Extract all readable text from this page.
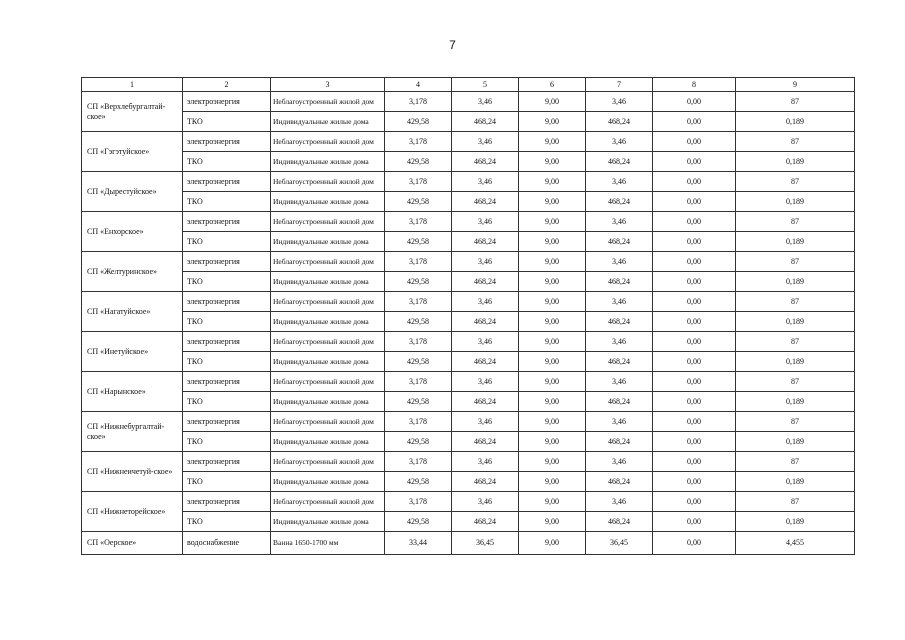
7
1	2	3	4	5	6	7	8	9
СП «Верхлебургалтай-ское»	электроэнергия	Неблагоустроенный жилой дом	3,178	3,46	9,00	3,46	0,00	87
	ТКО	Индивидуальные жилые дома	429,58	468,24	9,00	468,24	0,00	0,189
СП «Гэгэтуйское»	электроэнергия	Неблагоустроенный жилой дом	3,178	3,46	9,00	3,46	0,00	87
	ТКО	Индивидуальные жилые дома	429,58	468,24	9,00	468,24	0,00	0,189
СП «Дырестуйское»	электроэнергия	Неблагоустроенный жилой дом	3,178	3,46	9,00	3,46	0,00	87
	ТКО	Индивидуальные жилые дома	429,58	468,24	9,00	468,24	0,00	0,189
СП «Енхорское»	электроэнергия	Неблагоустроенный жилой дом	3,178	3,46	9,00	3,46	0,00	87
	ТКО	Индивидуальные жилые дома	429,58	468,24	9,00	468,24	0,00	0,189
СП «Желтуринское»	электроэнергия	Неблагоустроенный жилой дом	3,178	3,46	9,00	3,46	0,00	87
	ТКО	Индивидуальные жилые дома	429,58	468,24	9,00	468,24	0,00	0,189
СП «Нагатуйское»	электроэнергия	Неблагоустроенный жилой дом	3,178	3,46	9,00	3,46	0,00	87
	ТКО	Индивидуальные жилые дома	429,58	468,24	9,00	468,24	0,00	0,189
СП «Инетуйское»	электроэнергия	Неблагоустроенный жилой дом	3,178	3,46	9,00	3,46	0,00	87
	ТКО	Индивидуальные жилые дома	429,58	468,24	9,00	468,24	0,00	0,189
СП «Нарынское»	электроэнергия	Неблагоустроенный жилой дом	3,178	3,46	9,00	3,46	0,00	87
	ТКО	Индивидуальные жилые дома	429,58	468,24	9,00	468,24	0,00	0,189
СП «Нижнебургалтай-ское»	электроэнергия	Неблагоустроенный жилой дом	3,178	3,46	9,00	3,46	0,00	87
	ТКО	Индивидуальные жилые дома	429,58	468,24	9,00	468,24	0,00	0,189
СП «Нижнеичетуй-ское»	электроэнергия	Неблагоустроенный жилой дом	3,178	3,46	9,00	3,46	0,00	87
	ТКО	Индивидуальные жилые дома	429,58	468,24	9,00	468,24	0,00	0,189
СП «Нижнеторейское»	электроэнергия	Неблагоустроенный жилой дом	3,178	3,46	9,00	3,46	0,00	87
	ТКО	Индивидуальные жилые дома	429,58	468,24	9,00	468,24	0,00	0,189
СП «Оерское»	водоснабжение	Ванна 1650-1700 мм	33,44	36,45	9,00	36,45	0,00	4,455
